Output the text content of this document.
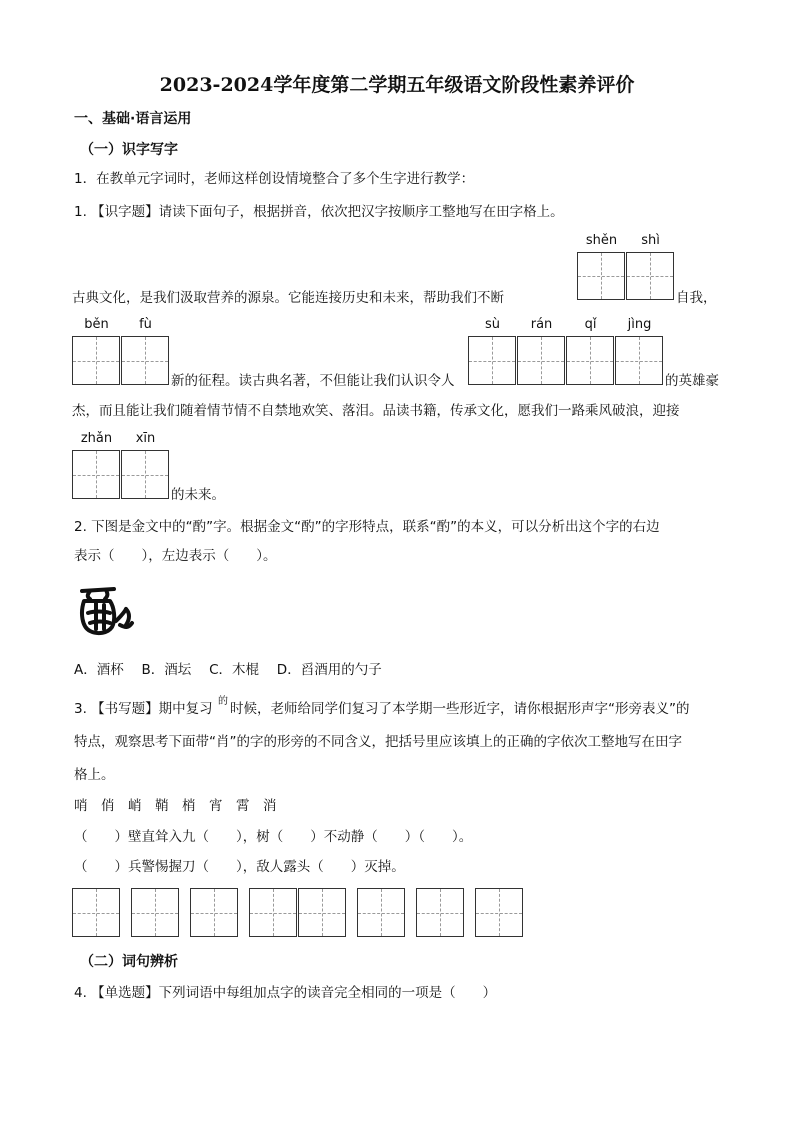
2023-2024学年度第二学期五年级语文阶段性素养评价
一、基础·语言运用
（一）识字写字
1．在教单元字词时，老师这样创设情境整合了多个生字进行教学：
1. 【识字题】请读下面句子，根据拼音，依次把汉字按顺序工整地写在田字格上。
shěn	shì
古典文化，是我们汲取营养的源泉。它能连接历史和未来，帮助我们不断	自我，
běn	fù	sù	rán	qǐ	jìng
新的征程。读古典名著，不但能让我们认识令人	的英雄豪
杰，而且能让我们随着情节情不自禁地欢笑、落泪。品读书籍，传承文化，愿我们一路乘风破浪，迎接
zhǎn	xīn
的未来。
2. 下图是金文中的“酌”字。根据金文“酌”的字形特点，联系“酌”的本义，可以分析出这个字的右边
表示（　　），左边表示（　　）。
A．酒杯　 B．酒坛　 C．木棍　 D．舀酒用的勺子
3. 【书写题】期中复习 的 时候，老师给同学们复习了本学期一些形近字，请你根据形声字“形旁表义”的
特点，观察思考下面带“肖”的字的形旁的不同含义，把括号里应该填上的正确的字依次工整地写在田字
格上。
哨　俏　峭　鞘　梢　宵　霄　消
（　　）壁直耸入九（　　），树（　　）不动静（　　）（　　）。
（　　）兵警惕握刀（　　），敌人露头（　　）灭掉。
（二）词句辨析
4. 【单选题】下列词语中每组加点字的读音完全相同的一项是（　　）
